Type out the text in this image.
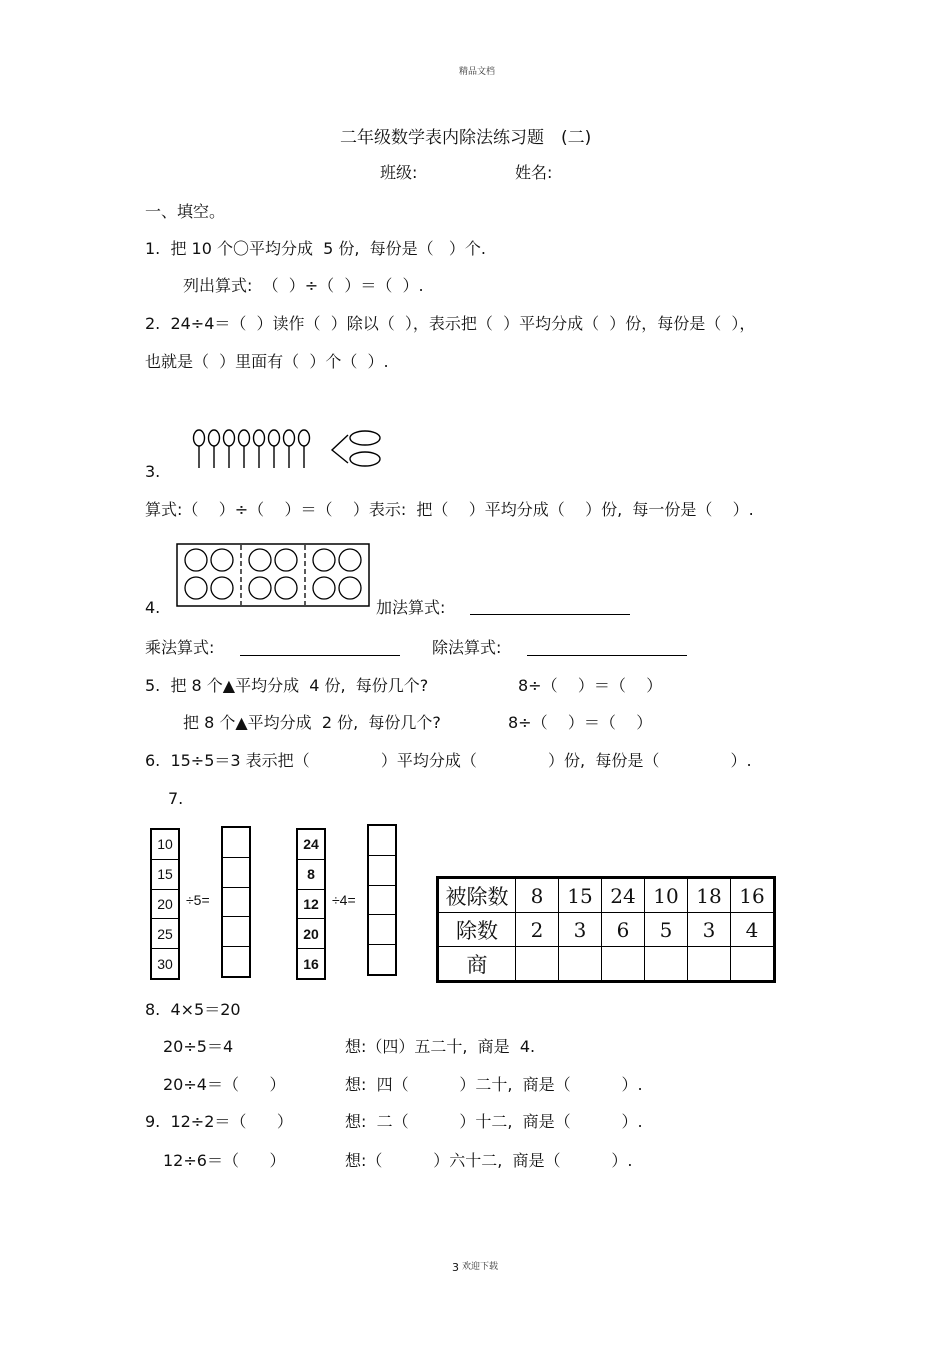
精品文档
二年级数学表内除法练习题　(二)
班级:	姓名:
一、填空。
1.  把 10 个〇平均分成  5 份,  每份是（   ）个.
列出算式:  （  ）÷（  ）＝（  ）.
2.  24÷4＝（  ）读作（  ）除以（  ），表示把（  ）平均分成（  ）份，每份是（  ），
也就是（  ）里面有（  ）个（  ）.
3.
算式:（    ）÷（    ）＝（    ）表示:  把（    ）平均分成（    ）份,  每一份是（    ）.
4.	加法算式:
乘法算式:	除法算式:
5.  把 8 个▲平均分成  4 份,  每份几个?	8÷（    ）＝（    ）
把 8 个▲平均分成  2 份,  每份几个?	8÷（    ）＝（    ）
6.  15÷5＝3 表示把（              ）平均分成（              ）份,  每份是（              ）.
7.
10
15
20
25
30
÷5=
24
8
12
20
16
÷4=	被除数	8	15	24	10	18	16
除数	2	3	6	5	3	4
商						
8.  4×5＝20
20÷5＝4	想:（四）五二十,  商是  4.
20÷4＝（      ）	想:  四（          ）二十,  商是（          ）.
9.  12÷2＝（      ）	想:  二（          ）十二,  商是（          ）.
12÷6＝（      ）	想:（          ）六十二,  商是（          ）.
3 欢迎下载
